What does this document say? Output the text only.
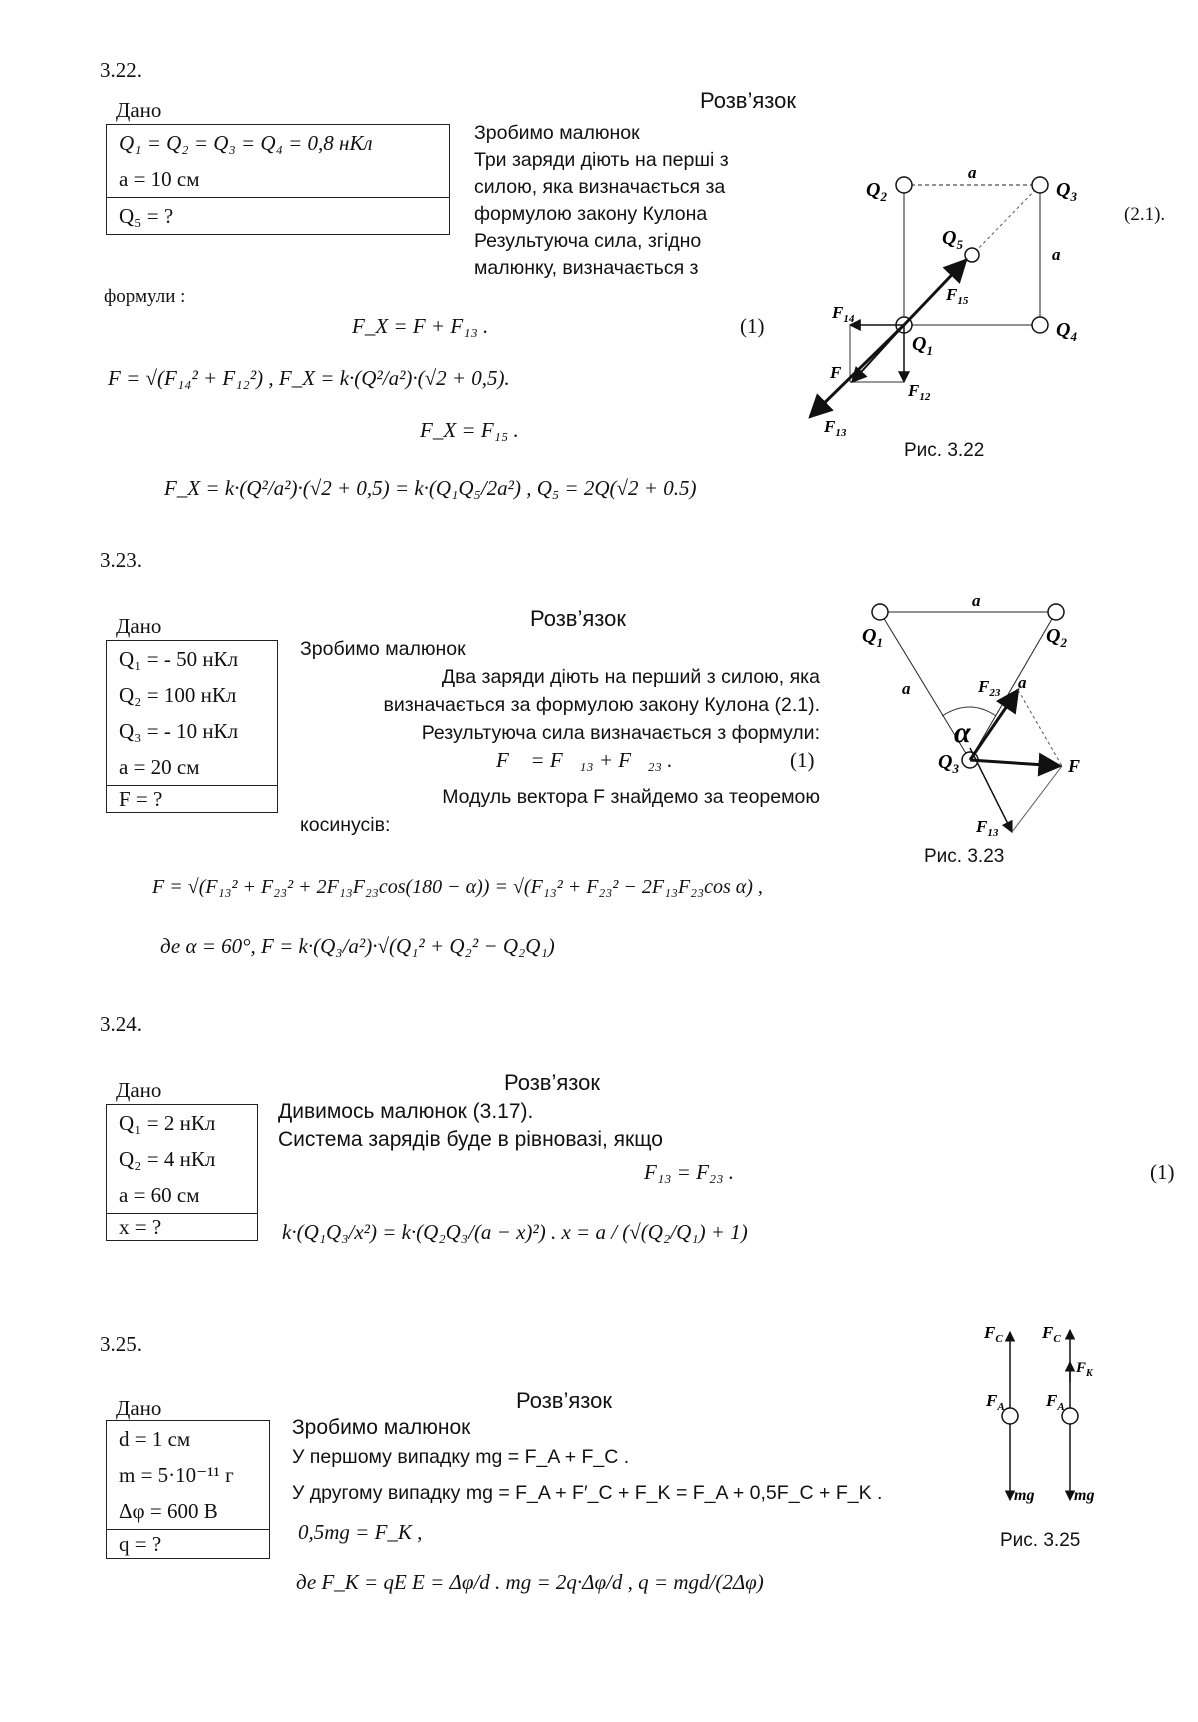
3.22.
Розв’язок
Дано
Q₁ = Q₂ = Q₃ = Q₄ = 0,8 нКл
a = 10 см
Q₅ = ?
Зробимо малюнок
Три заряди діють на перші з
силою, яка визначається за
формулою закону Кулона
Результуюча сила, згідно
малюнку, визначається з
(2.1).
формули :
F_X = F + F₁₃ .	(1)
F = √(F₁₄² + F₁₂²) , F_X = k·(Q²/a²)·(√2 + 0,5).
F_X = F₁₅ .
F_X = k·(Q²/a²)·(√2 + 0,5) = k·(Q₁Q₅/2a²) , Q₅ = 2Q(√2 + 0.5)
$Q_2$	$Q_3$
$Q_4$
$Q_1$
$Q_5$
a
a
$F_{15}$
$F_{14}$
F
$F_{12}$
$F_{13}$
Рис. 3.22
3.23.
Розв’язок
Дано
Q₁ = - 50 нКл
Q₂ = 100 нКл
Q₃ = - 10 нКл
a = 20 см
F = ?
Зробимо малюнок
Два заряди діють на перший з силою, яка
визначається за формулою закону Кулона (2.1).
Результуюча сила визначається з формули:
F⃗ = F⃗₁₃ + F⃗₂₃ .	(1)
Модуль вектора F знайдемо за теоремою
косинусів:
F = √(F₁₃² + F₂₃² + 2F₁₃F₂₃cos(180 − α)) = √(F₁₃² + F₂₃² − 2F₁₃F₂₃cos α) ,
де α = 60°, F = k·(Q₃/a²)·√(Q₁² + Q₂² − Q₂Q₁)
$Q_1$	$Q_2$
$Q_3$
a
a	a
α
$F_{23}$
F
$F_{13}$
Рис. 3.23
3.24.
Розв’язок
Дано
Q₁ = 2 нКл
Q₂ = 4 нКл
a = 60 см
x = ?
Дивимось малюнок (3.17).
Система зарядів буде в рівновазі, якщо
F₁₃ = F₂₃ .	(1)
k·(Q₁Q₃/x²) = k·(Q₂Q₃/(a − x)²) . x = a / (√(Q₂/Q₁) + 1)
3.25.
Розв’язок
Дано
d = 1 см
m = 5·10⁻¹¹ г
Δφ = 600 В
q = ?
Зробимо малюнок
У першому випадку mg = F_A + F_C .
У другому випадку mg = F_A + F′_C + F_K = F_A + 0,5F_C + F_K .
0,5mg = F_K ,
де F_K = qE E = Δφ/d . mg = 2q·Δφ/d , q = mgd/(2Δφ)
$F_C$
$F_A$
mg
$F_C$
$F_K$
$F_A$
mg
Рис. 3.25
